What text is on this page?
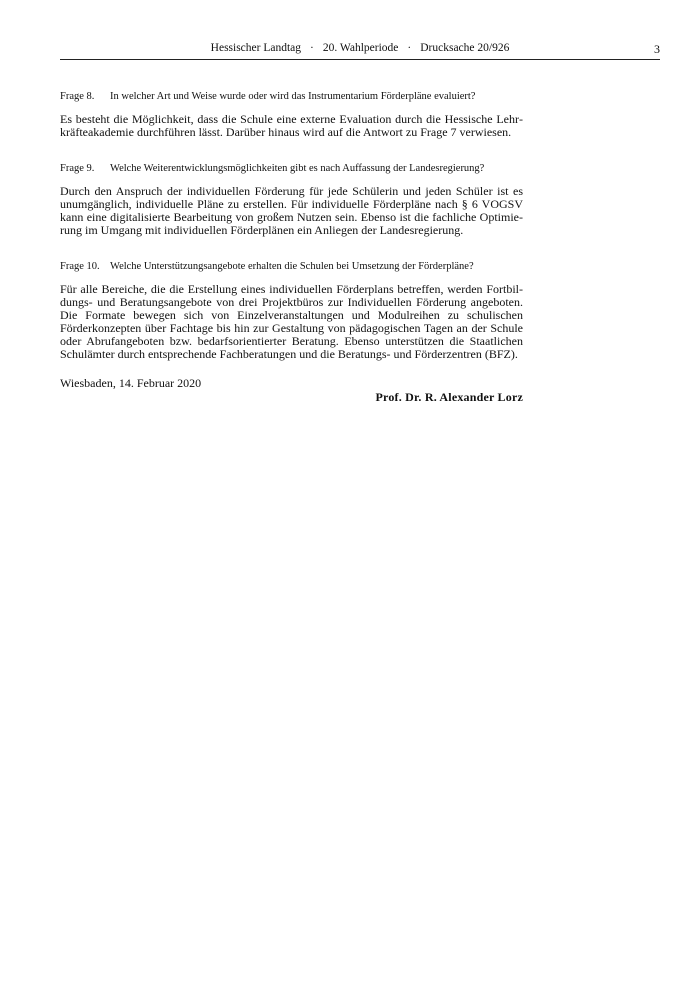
Hessischer Landtag · 20. Wahlperiode · Drucksache 20/926	3

Frage 8. In welcher Art und Weise wurde oder wird das Instrumentarium Förderpläne evaluiert?

Es besteht die Möglichkeit, dass die Schule eine externe Evaluation durch die Hessische Lehrkräfteakademie durchführen lässt. Darüber hinaus wird auf die Antwort zu Frage 7 verwiesen.

Frage 9. Welche Weiterentwicklungsmöglichkeiten gibt es nach Auffassung der Landesregierung?

Durch den Anspruch der individuellen Förderung für jede Schülerin und jeden Schüler ist es unumgänglich, individuelle Pläne zu erstellen. Für individuelle Förderpläne nach § 6 VOGSV kann eine digitalisierte Bearbeitung von großem Nutzen sein. Ebenso ist die fachliche Optimierung im Umgang mit individuellen Förderplänen ein Anliegen der Landesregierung.

Frage 10. Welche Unterstützungsangebote erhalten die Schulen bei Umsetzung der Förderpläne?

Für alle Bereiche, die die Erstellung eines individuellen Förderplans betreffen, werden Fortbildungs- und Beratungsangebote von drei Projektbüros zur Individuellen Förderung angeboten. Die Formate bewegen sich von Einzelveranstaltungen und Modulreihen zu schulischen Förderkonzepten über Fachtage bis hin zur Gestaltung von pädagogischen Tagen an der Schule oder Abrufangeboten bzw. bedarfsorientierter Beratung. Ebenso unterstützen die Staatlichen Schulämter durch entsprechende Fachberatungen und die Beratungs- und Förderzentren (BFZ).

Wiesbaden, 14. Februar 2020

Prof. Dr. R. Alexander Lorz
